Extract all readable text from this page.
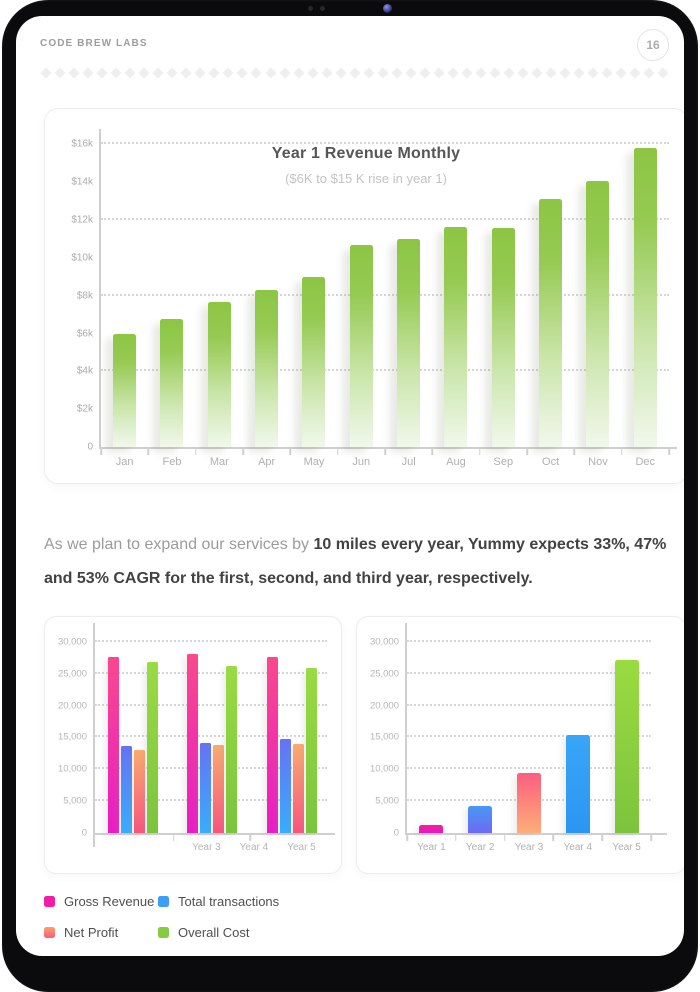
CODE BREW LABS	16
Year 1 Revenue Monthly
($6K to $15 K rise in year 1)
0
$2k
$4k
$6k
$8k
$10k
$12k
$14k
$16k
Jan	Feb	Mar	Apr	May	Jun	Jul	Aug	Sep	Oct	Nov	Dec
As we plan to expand our services by 10 miles every year, Yummy expects 33%, 47% and 53% CAGR for the first, second, and third year, respectively.
0
5,000
10,000
15,000
20,000
25,000
30,000
Year 3 Year 4 Year 5
0
5,000
10,000
15,000
20,000
25,000
30,000
Year 1	Year 2	Year 3	Year 4	Year 5
Gross Revenue Total transactions
Net Profit	Overall Cost
